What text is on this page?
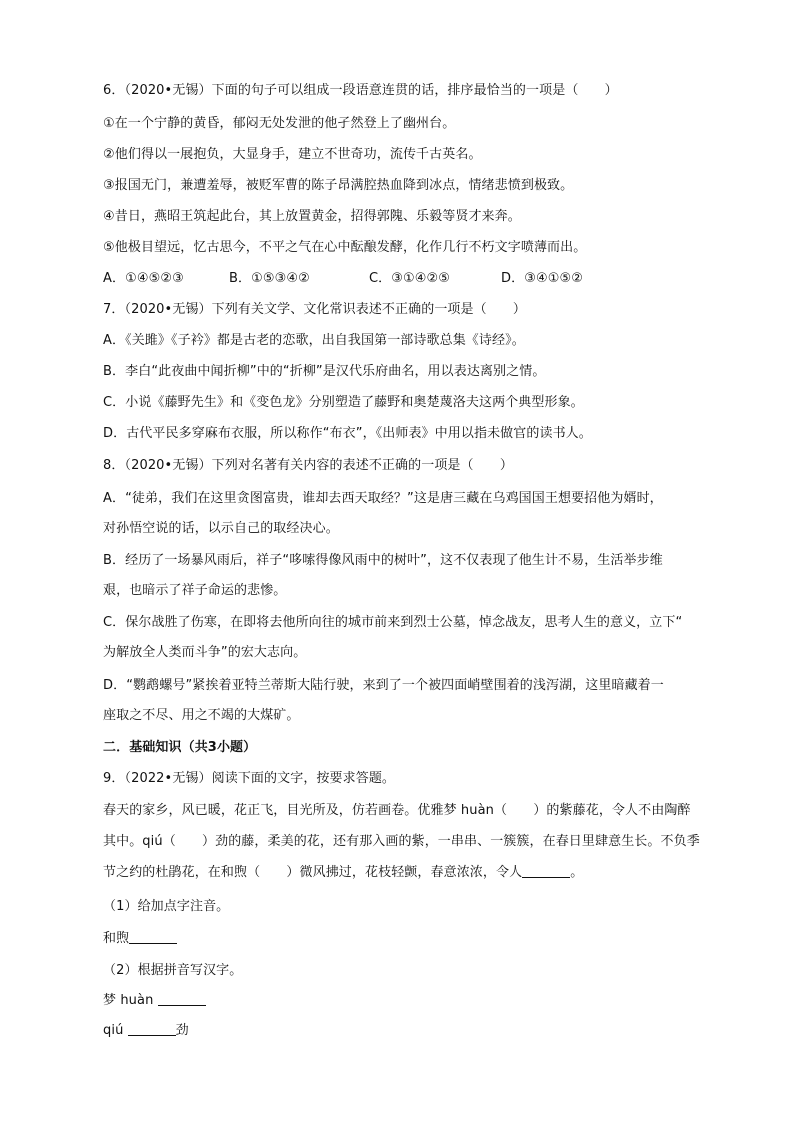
6．（2020•无锡）下面的句子可以组成一段语意连贯的话，排序最恰当的一项是（　　）
①在一个宁静的黄昏，郁闷无处发泄的他孑然登上了幽州台。
②他们得以一展抱负，大显身手，建立不世奇功，流传千古英名。
③报国无门，兼遭羞辱，被贬军曹的陈子昂满腔热血降到冰点，情绪悲愤到极致。
④昔日，燕昭王筑起此台，其上放置黄金，招得郭隗、乐毅等贤才来奔。
⑤他极目望远，忆古思今，不平之气在心中酝酿发酵，化作几行不朽文字喷薄而出。
A．①④⑤②③	B．①⑤③④②	C．③①④②⑤	D．③④①⑤②
7．（2020•无锡）下列有关文学、文化常识表述不正确的一项是（　　）
A．《关雎》《子衿》都是古老的恋歌，出自我国第一部诗歌总集《诗经》。
B．李白“此夜曲中闻折柳”中的“折柳”是汉代乐府曲名，用以表达离别之情。
C．小说《藤野先生》和《变色龙》分别塑造了藤野和奥楚蔑洛夫这两个典型形象。
D．古代平民多穿麻布衣服，所以称作“布衣”，《出师表》中用以指未做官的读书人。
8．（2020•无锡）下列对名著有关内容的表述不正确的一项是（　　）
A．“徒弟，我们在这里贪图富贵，谁却去西天取经？”这是唐三藏在乌鸡国国王想要招他为婿时，
对孙悟空说的话，以示自己的取经决心。
B．经历了一场暴风雨后，祥子“哆嗦得像风雨中的树叶”，这不仅表现了他生计不易，生活举步维
艰，也暗示了祥子命运的悲惨。
C．保尔战胜了伤寒，在即将去他所向往的城市前来到烈士公墓，悼念战友，思考人生的意义，立下“
为解放全人类而斗争”的宏大志向。
D．“鹦鹉螺号”紧挨着亚特兰蒂斯大陆行驶，来到了一个被四面峭壁围着的浅泻湖，这里暗藏着一
座取之不尽、用之不竭的大煤矿。
二．基础知识（共3小题）
9．（2022•无锡）阅读下面的文字，按要求答题。
春天的家乡，风已暖，花正飞，目光所及，仿若画卷。优雅梦 huàn（　　）的紫藤花，令人不由陶醉
其中。qiú（　　）劲的藤，柔美的花，还有那入画的紫，一串串、一簇簇，在春日里肆意生长。不负季
节之约的杜鹃花，在和煦（　　）微风拂过，花枝轻颤，春意浓浓，令人	。
（1）给加点字注音。
和煦
（2）根据拼音写汉字。
梦 huàn
qiú	劲
